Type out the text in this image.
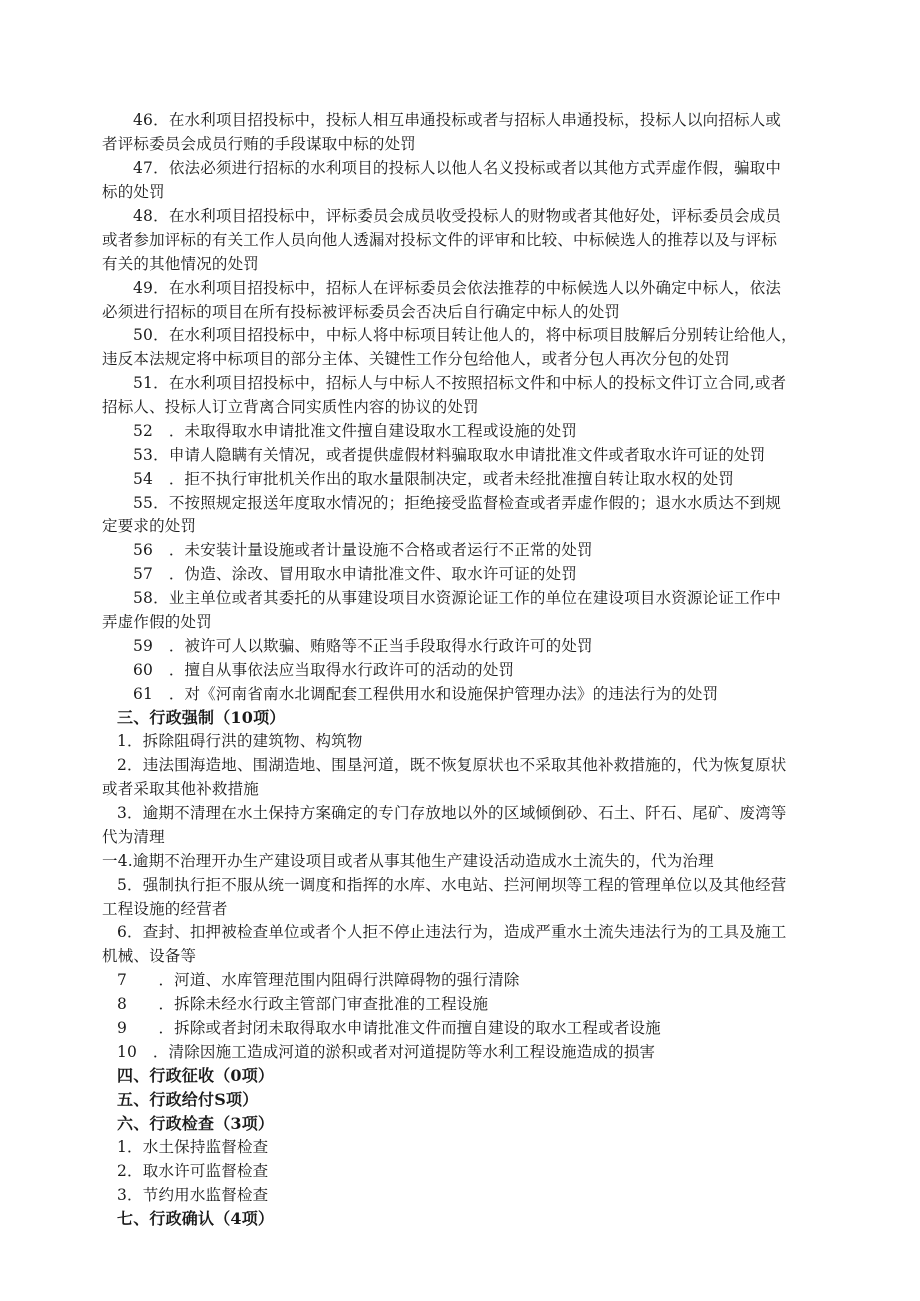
46．在水利项目招投标中，投标人相互串通投标或者与招标人串通投标，投标人以向招标人或
者评标委员会成员行贿的手段谋取中标的处罚
47．依法必须进行招标的水利项目的投标人以他人名义投标或者以其他方式弄虚作假，骗取中
标的处罚
48．在水利项目招投标中，评标委员会成员收受投标人的财物或者其他好处，评标委员会成员
或者参加评标的有关工作人员向他人透漏对投标文件的评审和比较、中标候选人的推荐以及与评标
有关的其他情况的处罚
49．在水利项目招投标中，招标人在评标委员会依法推荐的中标候选人以外确定中标人，依法
必须进行招标的项目在所有投标被评标委员会否决后自行确定中标人的处罚
50．在水利项目招投标中，中标人将中标项目转让他人的，将中标项目肢解后分别转让给他人，
违反本法规定将中标项目的部分主体、关键性工作分包给他人，或者分包人再次分包的处罚
51．在水利项目招投标中，招标人与中标人不按照招标文件和中标人的投标文件订立合同,或者
招标人、投标人订立背离合同实质性内容的协议的处罚
52　．未取得取水申请批准文件擅自建设取水工程或设施的处罚
53．申请人隐瞒有关情况，或者提供虚假材料骗取取水申请批准文件或者取水许可证的处罚
54　．拒不执行审批机关作出的取水量限制决定，或者未经批准擅自转让取水权的处罚
55．不按照规定报送年度取水情况的；拒绝接受监督检查或者弄虚作假的；退水水质达不到规
定要求的处罚
56　．未安装计量设施或者计量设施不合格或者运行不正常的处罚
57　．伪造、涂改、冒用取水申请批准文件、取水许可证的处罚
58．业主单位或者其委托的从事建设项目水资源论证工作的单位在建设项目水资源论证工作中
弄虚作假的处罚
59　．被许可人以欺骗、贿赂等不正当手段取得水行政许可的处罚
60　．擅自从事依法应当取得水行政许可的活动的处罚
61　．对《河南省南水北调配套工程供用水和设施保护管理办法》的违法行为的处罚
三、行政强制（10项）
1．拆除阻碍行洪的建筑物、构筑物
2．违法围海造地、围湖造地、围垦河道，既不恢复原状也不采取其他补救措施的，代为恢复原状
或者采取其他补救措施
3．逾期不清理在水土保持方案确定的专门存放地以外的区域倾倒砂、石土、阡石、尾矿、废湾等
代为清理
一4.逾期不治理开办生产建设项目或者从事其他生产建设活动造成水土流失的，代为治理
5．强制执行拒不服从统一调度和指挥的水库、水电站、拦河闸坝等工程的管理单位以及其他经营
工程设施的经营者
6．查封、扣押被检查单位或者个人拒不停止违法行为，造成严重水土流失违法行为的工具及施工
机械、设备等
7　　．河道、水库管理范围内阻碍行洪障碍物的强行清除
8　　．拆除未经水行政主管部门审查批准的工程设施
9　　．拆除或者封闭未取得取水申请批准文件而擅自建设的取水工程或者设施
10　．清除因施工造成河道的淤积或者对河道提防等水利工程设施造成的损害
四、行政征收（0项）
五、行政给付S项）
六、行政检查（3项）
1．水土保持监督检查
2．取水许可监督检查
3．节约用水监督检查
七、行政确认（4项）
